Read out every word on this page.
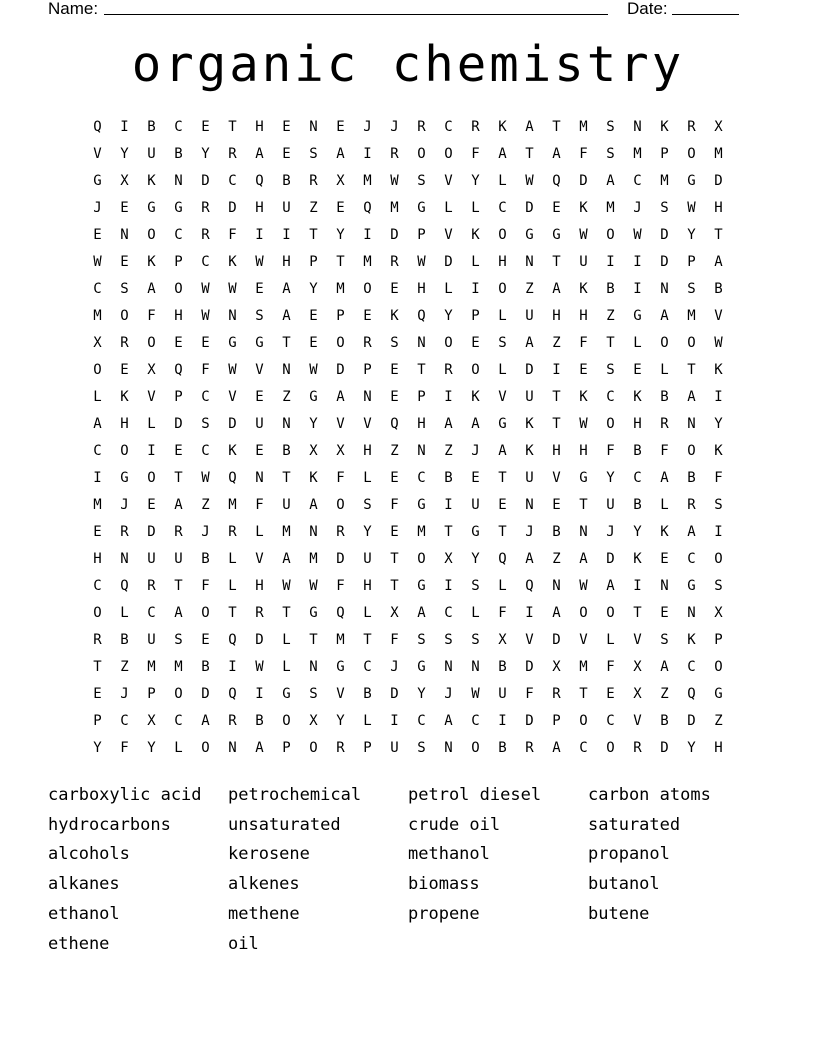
Name:	Date:
organic chemistry
Q	I	B	C	E	T	H	E	N	E	J	J	R	C	R	K	A	T	M	S	N	K	R	X
V	Y	U	B	Y	R	A	E	S	A	I	R	O	O	F	A	T	A	F	S	M	P	O	M
G	X	K	N	D	C	Q	B	R	X	M	W	S	V	Y	L	W	Q	D	A	C	M	G	D
J	E	G	G	R	D	H	U	Z	E	Q	M	G	L	L	C	D	E	K	M	J	S	W	H
E	N	O	C	R	F	I	I	T	Y	I	D	P	V	K	O	G	G	W	O	W	D	Y	T
W	E	K	P	C	K	W	H	P	T	M	R	W	D	L	H	N	T	U	I	I	D	P	A
C	S	A	O	W	W	E	A	Y	M	O	E	H	L	I	O	Z	A	K	B	I	N	S	B
M	O	F	H	W	N	S	A	E	P	E	K	Q	Y	P	L	U	H	H	Z	G	A	M	V
X	R	O	E	E	G	G	T	E	O	R	S	N	O	E	S	A	Z	F	T	L	O	O	W
O	E	X	Q	F	W	V	N	W	D	P	E	T	R	O	L	D	I	E	S	E	L	T	K
L	K	V	P	C	V	E	Z	G	A	N	E	P	I	K	V	U	T	K	C	K	B	A	I
A	H	L	D	S	D	U	N	Y	V	V	Q	H	A	A	G	K	T	W	O	H	R	N	Y
C	O	I	E	C	K	E	B	X	X	H	Z	N	Z	J	A	K	H	H	F	B	F	O	K
I	G	O	T	W	Q	N	T	K	F	L	E	C	B	E	T	U	V	G	Y	C	A	B	F
M	J	E	A	Z	M	F	U	A	O	S	F	G	I	U	E	N	E	T	U	B	L	R	S
E	R	D	R	J	R	L	M	N	R	Y	E	M	T	G	T	J	B	N	J	Y	K	A	I
H	N	U	U	B	L	V	A	M	D	U	T	O	X	Y	Q	A	Z	A	D	K	E	C	O
C	Q	R	T	F	L	H	W	W	F	H	T	G	I	S	L	Q	N	W	A	I	N	G	S
O	L	C	A	O	T	R	T	G	Q	L	X	A	C	L	F	I	A	O	O	T	E	N	X
R	B	U	S	E	Q	D	L	T	M	T	F	S	S	S	X	V	D	V	L	V	S	K	P
T	Z	M	M	B	I	W	L	N	G	C	J	G	N	N	B	D	X	M	F	X	A	C	O
E	J	P	O	D	Q	I	G	S	V	B	D	Y	J	W	U	F	R	T	E	X	Z	Q	G
P	C	X	C	A	R	B	O	X	Y	L	I	C	A	C	I	D	P	O	C	V	B	D	Z
Y	F	Y	L	O	N	A	P	O	R	P	U	S	N	O	B	R	A	C	O	R	D	Y	H
carboxylic acid	petrochemical	petrol diesel	carbon atoms
hydrocarbons	unsaturated	crude oil	saturated
alcohols	kerosene	methanol	propanol
alkanes	alkenes	biomass	butanol
ethanol	methene	propene	butene
ethene	oil
